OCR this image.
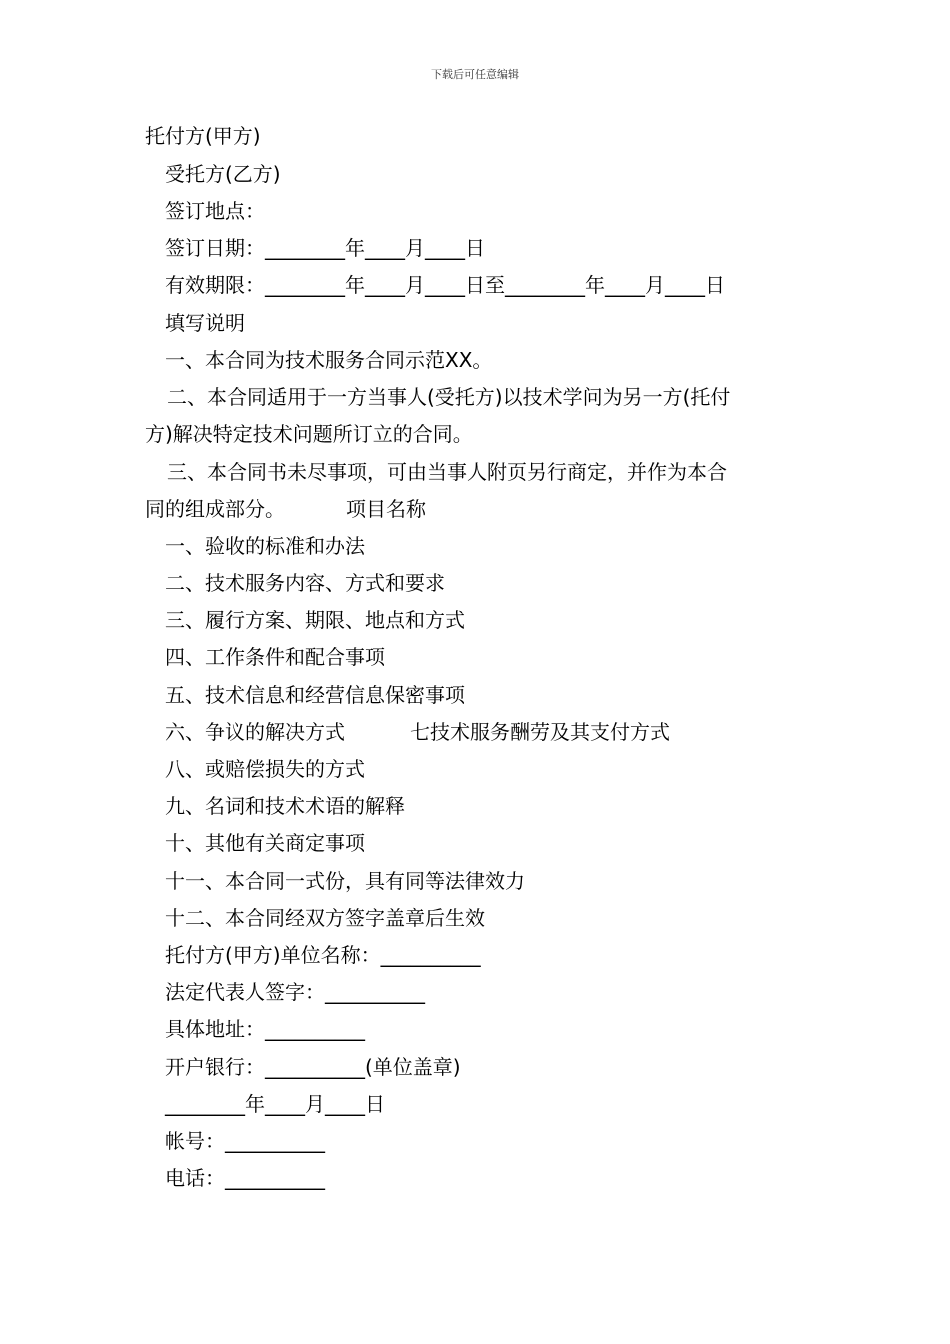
下载后可任意编辑
托付方(甲方)
受托方(乙方)
签订地点：
签订日期：________年____月____日
有效期限：________年____月____日至________年____月____日
填写说明
一、本合同为技术服务合同示范XX。
二、本合同适用于一方当事人(受托方)以技术学问为另一方(托付
方)解决特定技术问题所订立的合同。
三、本合同书未尽事项，可由当事人附页另行商定，并作为本合
同的组成部分。	项目名称
一、验收的标准和办法
二、技术服务内容、方式和要求
三、履行方案、期限、地点和方式
四、工作条件和配合事项
五、技术信息和经营信息保密事项
六、争议的解决方式	七技术服务酬劳及其支付方式
八、或赔偿损失的方式
九、名词和技术术语的解释
十、其他有关商定事项
十一、本合同一式份，具有同等法律效力
十二、本合同经双方签字盖章后生效
托付方(甲方)单位名称：__________
法定代表人签字：__________
具体地址：__________
开户银行：__________(单位盖章)
________年____月____日
帐号：__________
电话：__________
